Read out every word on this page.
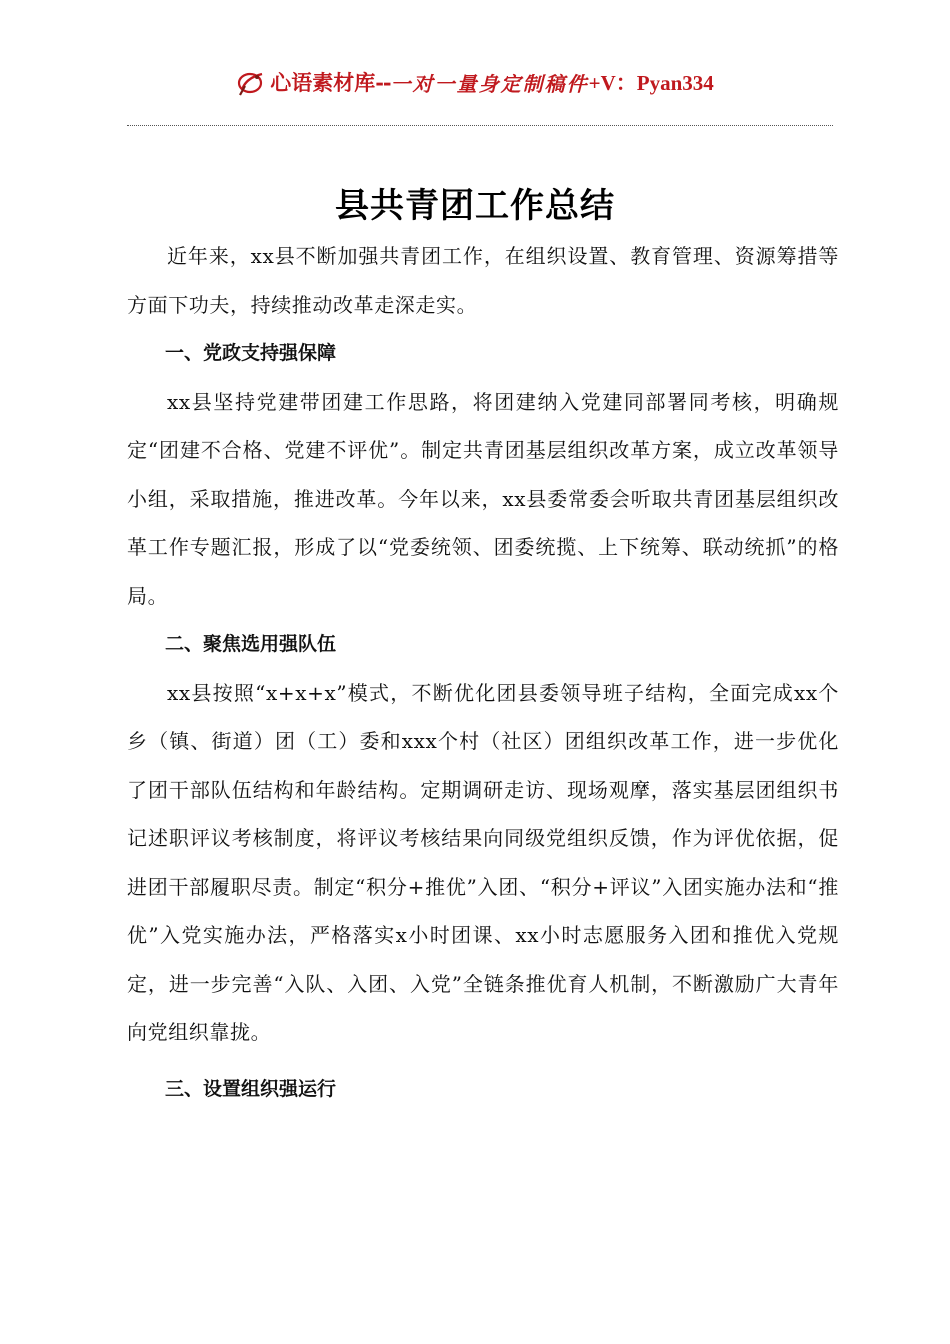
心语素材库 -- 一对一量身定制稿件 +V：Pyan334
县共青团工作总结

近年来，xx县不断加强共青团工作，在组织设置、教育管理、资源筹措等方面下功夫，持续推动改革走深走实。

一、党政支持强保障

xx县坚持党建带团建工作思路，将团建纳入党建同部署同考核，明确规定“团建不合格、党建不评优”。制定共青团基层组织改革方案，成立改革领导小组，采取措施，推进改革。今年以来，xx县委常委会听取共青团基层组织改革工作专题汇报，形成了以“党委统领、团委统揽、上下统筹、联动统抓”的格局。

二、聚焦选用强队伍

xx县按照“x+x+x”模式，不断优化团县委领导班子结构，全面完成xx个乡（镇、街道）团（工）委和xxx个村（社区）团组织改革工作，进一步优化了团干部队伍结构和年龄结构。定期调研走访、现场观摩，落实基层团组织书记述职评议考核制度，将评议考核结果向同级党组织反馈，作为评优依据，促进团干部履职尽责。制定“积分+推优”入团、“积分+评议”入团实施办法和“推优”入党实施办法，严格落实x小时团课、xx小时志愿服务入团和推优入党规定，进一步完善“入队、入团、入党”全链条推优育人机制，不断激励广大青年向党组织靠拢。

三、设置组织强运行
